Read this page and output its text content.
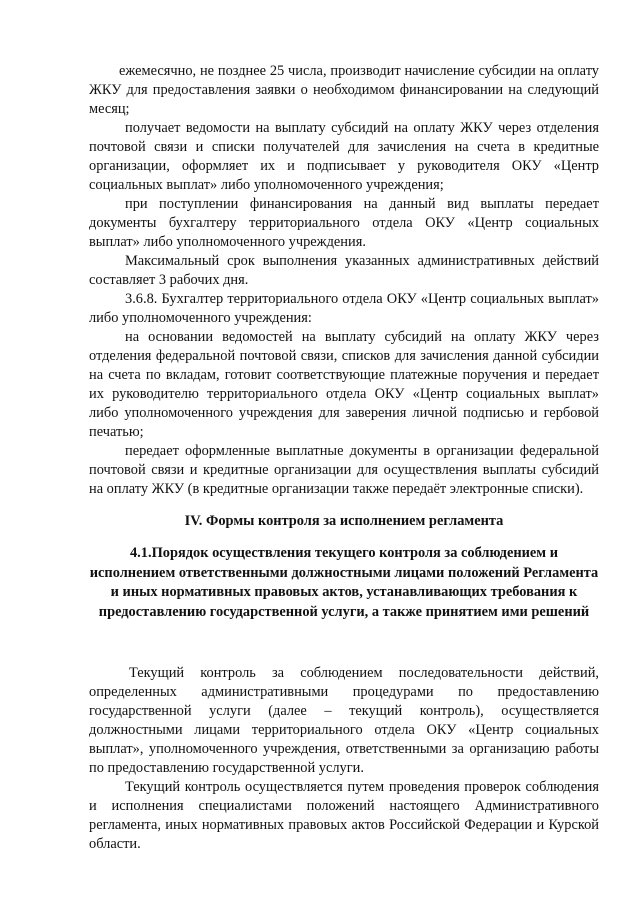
ежемесячно, не позднее 25 числа, производит начисление субсидии на оплату ЖКУ для предоставления заявки о необходимом финансировании на следующий месяц;

получает ведомости на выплату субсидий на оплату ЖКУ через отделения почтовой связи и списки получателей для зачисления на счета в кредитные организации, оформляет их и подписывает у руководителя ОКУ «Центр социальных выплат» либо уполномоченного учреждения;

при поступлении финансирования на данный вид выплаты передает документы бухгалтеру территориального отдела ОКУ «Центр социальных выплат» либо уполномоченного учреждения.

Максимальный срок выполнения указанных административных действий составляет 3 рабочих дня.

3.6.8. Бухгалтер территориального отдела ОКУ «Центр социальных выплат» либо уполномоченного учреждения:

на основании ведомостей на выплату субсидий на оплату ЖКУ через отделения федеральной почтовой связи, списков для зачисления данной субсидии на счета по вкладам, готовит соответствующие платежные поручения и передает их руководителю территориального отдела ОКУ «Центр социальных выплат» либо уполномоченного учреждения для заверения личной подписью и гербовой печатью;

передает оформленные выплатные документы в организации федеральной почтовой связи и кредитные организации для осуществления выплаты субсидий на оплату ЖКУ (в кредитные организации также передаёт электронные списки).

IV. Формы контроля за исполнением регламента

4.1.Порядок осуществления текущего контроля за соблюдением и исполнением ответственными должностными лицами положений Регламента и иных нормативных правовых актов, устанавливающих требования к предоставлению государственной услуги, а также принятием ими решений

Текущий контроль за соблюдением последовательности действий, определенных административными процедурами по предоставлению государственной услуги (далее – текущий контроль), осуществляется должностными лицами территориального отдела ОКУ «Центр социальных выплат», уполномоченного учреждения, ответственными за организацию работы по предоставлению государственной услуги.

Текущий контроль осуществляется путем проведения проверок соблюдения и исполнения специалистами положений настоящего Административного регламента, иных нормативных правовых актов Российской Федерации и Курской области.
